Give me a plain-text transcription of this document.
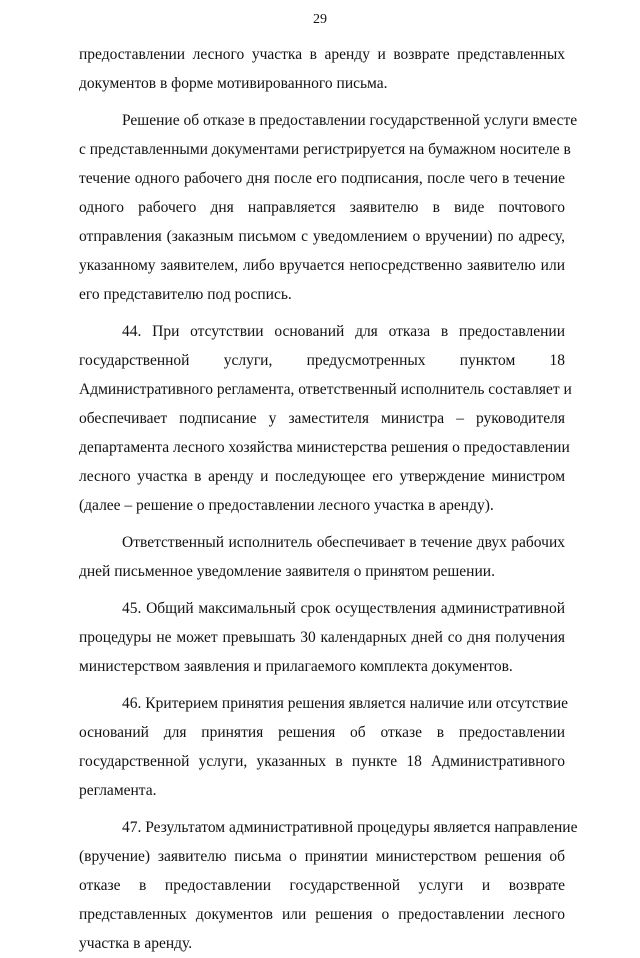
29
предоставлении лесного участка в аренду и возврате представленных
документов в форме мотивированного письма.
Решение об отказе в предоставлении государственной услуги вместе
с представленными документами регистрируется на бумажном носителе в
течение одного рабочего дня после его подписания, после чего в течение
одного рабочего дня направляется заявителю в виде почтового
отправления (заказным письмом с уведомлением о вручении) по адресу,
указанному заявителем, либо вручается непосредственно заявителю или
его представителю под роспись.
44. При отсутствии оснований для отказа в предоставлении
государственной услуги, предусмотренных пунктом 18
Административного регламента, ответственный исполнитель составляет и
обеспечивает подписание у заместителя министра – руководителя
департамента лесного хозяйства министерства решения о предоставлении
лесного участка в аренду и последующее его утверждение министром
(далее – решение о предоставлении лесного участка в аренду).
Ответственный исполнитель обеспечивает в течение двух рабочих
дней письменное уведомление заявителя о принятом решении.
45. Общий максимальный срок осуществления административной
процедуры не может превышать 30 календарных дней со дня получения
министерством заявления и прилагаемого комплекта документов.
46. Критерием принятия решения является наличие или отсутствие
оснований для принятия решения об отказе в предоставлении
государственной услуги, указанных в пункте 18 Административного
регламента.
47. Результатом административной процедуры является направление
(вручение) заявителю письма о принятии министерством решения об
отказе в предоставлении государственной услуги и возврате
представленных документов или решения о предоставлении лесного
участка в аренду.
